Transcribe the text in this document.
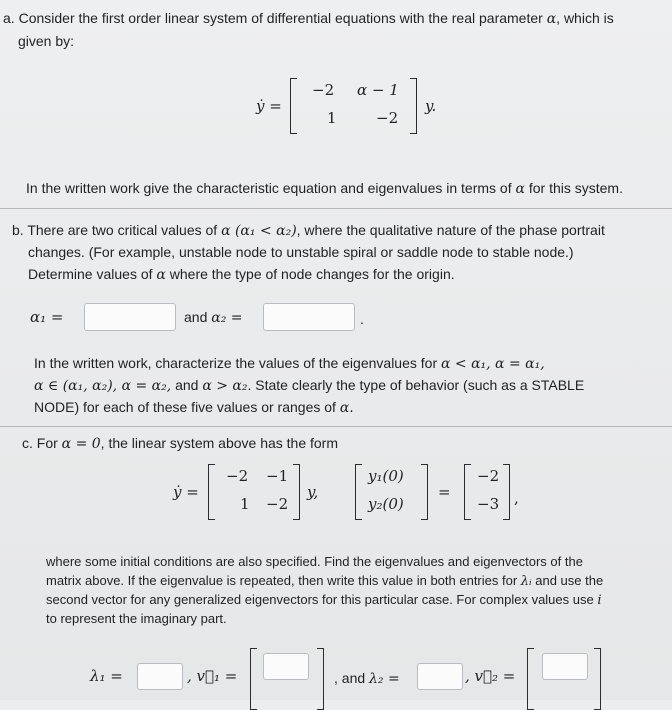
a. Consider the first order linear system of differential equations with the real parameter α, which is
given by:
ẏ =
−2 α − 1
1	−2
y.
In the written work give the characteristic equation and eigenvalues in terms of α for this system.
b. There are two critical values of α (α₁ < α₂), where the qualitative nature of the phase portrait
changes. (For example, unstable node to unstable spiral or saddle node to stable node.)
Determine values of α where the type of node changes for the origin.
α₁ =	and α₂ =	.
In the written work, characterize the values of the eigenvalues for α < α₁, α = α₁,
α ∈ (α₁, α₂), α = α₂, and α > α₂. State clearly the type of behavior (such as a STABLE
NODE) for each of these five values or ranges of α.
c. For α = 0, the linear system above has the form
ẏ =
−2 −1
1 −2
y,
y₁(0)
y₂(0)
=
−2
−3 ,
where some initial conditions are also specified. Find the eigenvalues and eigenvectors of the
matrix above. If the eigenvalue is repeated, then write this value in both entries for λᵢ and use the
second vector for any generalized eigenvectors for this particular case. For complex values use i
to represent the imaginary part.
λ₁ =	, v⃗₁ =	, and λ₂ =	, v⃗₂ =
